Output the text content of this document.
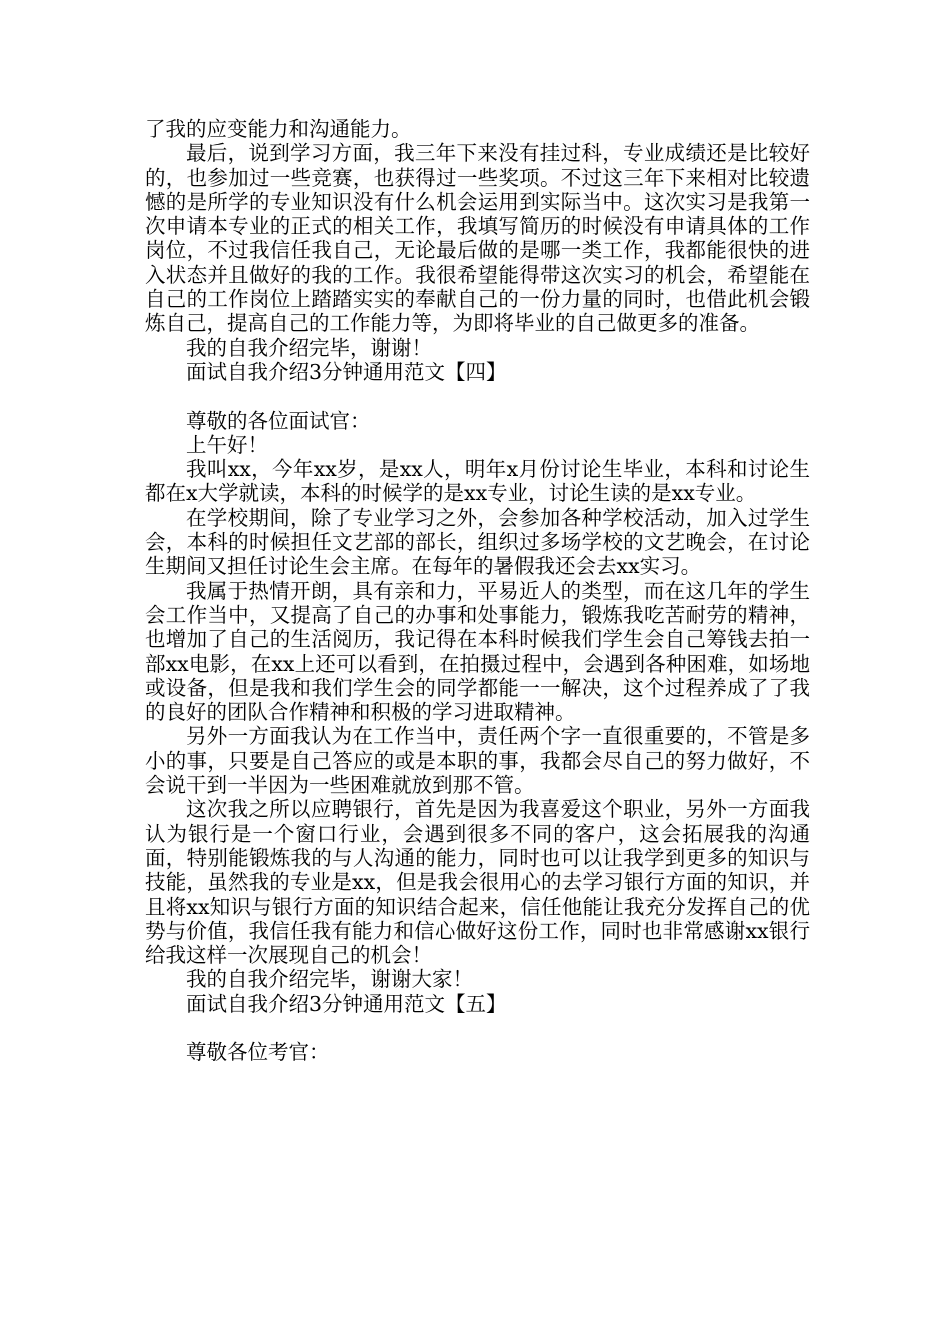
了我的应变能力和沟通能力。

最后，说到学习方面，我三年下来没有挂过科，专业成绩还是比较好的，也参加过一些竞赛，也获得过一些奖项。不过这三年下来相对比较遗憾的是所学的专业知识没有什么机会运用到实际当中。这次实习是我第一次申请本专业的正式的相关工作，我填写简历的时候没有申请具体的工作岗位，不过我信任我自己，无论最后做的是哪一类工作，我都能很快的进入状态并且做好的我的工作。我很希望能得带这次实习的机会，希望能在自己的工作岗位上踏踏实实的奉献自己的一份力量的同时，也借此机会锻炼自己，提高自己的工作能力等，为即将毕业的自己做更多的准备。

我的自我介绍完毕，谢谢！

面试自我介绍3分钟通用范文【四】

尊敬的各位面试官：

上午好！

我叫xx，今年xx岁，是xx人，明年x月份讨论生毕业，本科和讨论生都在x大学就读，本科的时候学的是xx专业，讨论生读的是xx专业。

在学校期间，除了专业学习之外，会参加各种学校活动，加入过学生会，本科的时候担任文艺部的部长，组织过多场学校的文艺晚会，在讨论生期间又担任讨论生会主席。在每年的暑假我还会去xx实习。

我属于热情开朗，具有亲和力，平易近人的类型，而在这几年的学生会工作当中，又提高了自己的办事和处事能力，锻炼我吃苦耐劳的精神，也增加了自己的生活阅历，我记得在本科时候我们学生会自己筹钱去拍一部xx电影，在xx上还可以看到，在拍摄过程中，会遇到各种困难，如场地或设备，但是我和我们学生会的同学都能一一解决，这个过程养成了了我的良好的团队合作精神和积极的学习进取精神。

另外一方面我认为在工作当中，责任两个字一直很重要的，不管是多小的事，只要是自己答应的或是本职的事，我都会尽自己的努力做好，不会说干到一半因为一些困难就放到那不管。

这次我之所以应聘银行，首先是因为我喜爱这个职业，另外一方面我认为银行是一个窗口行业，会遇到很多不同的客户，这会拓展我的沟通面，特别能锻炼我的与人沟通的能力，同时也可以让我学到更多的知识与技能，虽然我的专业是xx，但是我会很用心的去学习银行方面的知识，并且将xx知识与银行方面的知识结合起来，信任他能让我充分发挥自己的优势与价值，我信任我有能力和信心做好这份工作，同时也非常感谢xx银行给我这样一次展现自己的机会！

我的自我介绍完毕，谢谢大家！

面试自我介绍3分钟通用范文【五】

尊敬各位考官：
